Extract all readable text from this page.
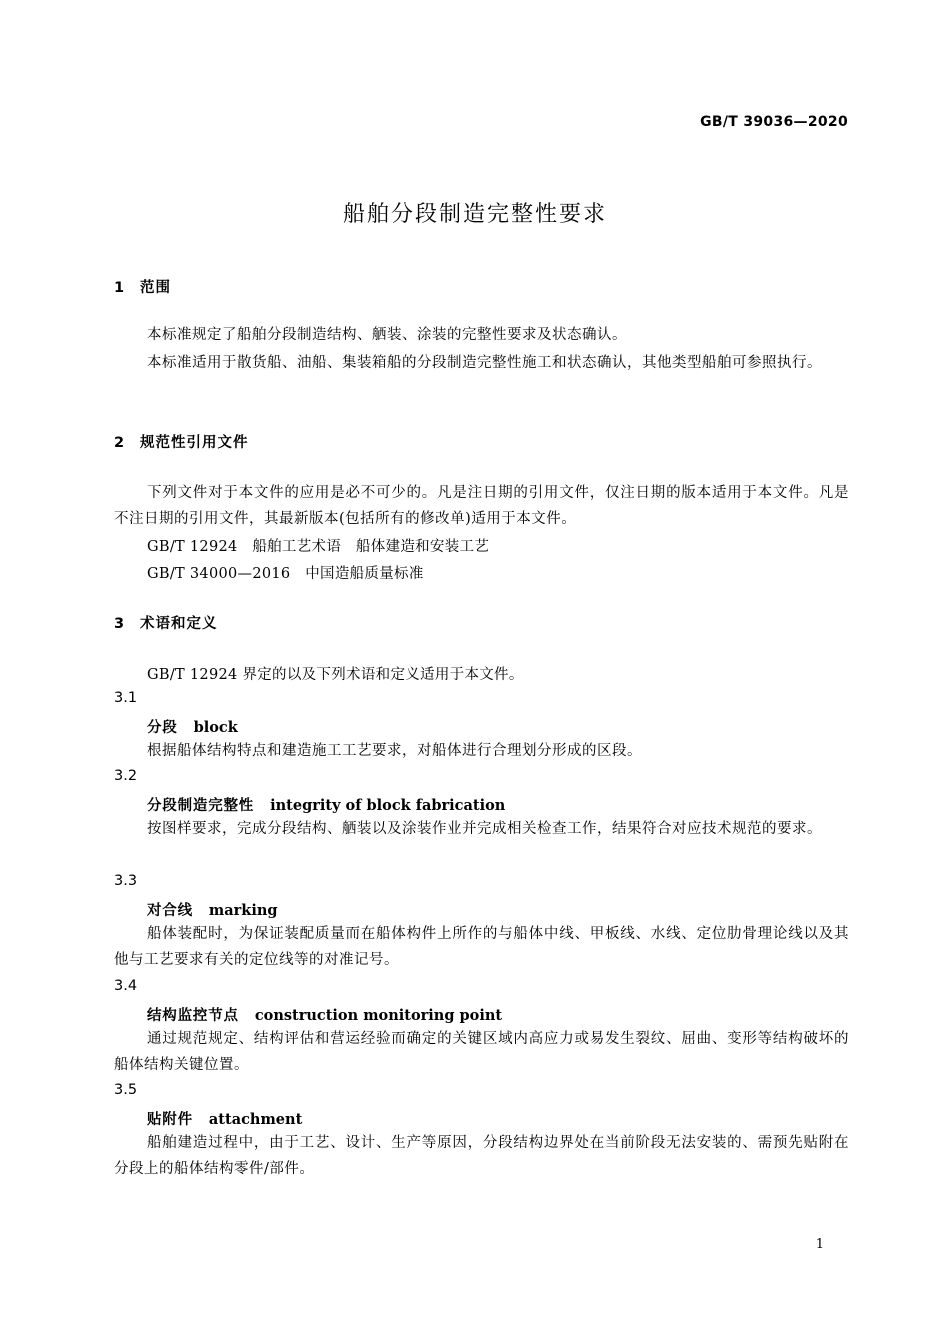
GB/T 39036—2020
船舶分段制造完整性要求
1 范围
本标准规定了船舶分段制造结构、舾装、涂装的完整性要求及状态确认。
本标准适用于散货船、油船、集装箱船的分段制造完整性施工和状态确认，其他类型船舶可参照执行。
2 规范性引用文件
下列文件对于本文件的应用是必不可少的。凡是注日期的引用文件，仅注日期的版本适用于本文件。凡是不注日期的引用文件，其最新版本(包括所有的修改单)适用于本文件。
GB/T 12924　船舶工艺术语　船体建造和安装工艺
GB/T 34000—2016　中国造船质量标准
3 术语和定义
GB/T 12924 界定的以及下列术语和定义适用于本文件。
3.1
分段 block
根据船体结构特点和建造施工工艺要求，对船体进行合理划分形成的区段。
3.2
分段制造完整性 integrity of block fabrication
按图样要求，完成分段结构、舾装以及涂装作业并完成相关检查工作，结果符合对应技术规范的要求。
3.3
对合线 marking
船体装配时，为保证装配质量而在船体构件上所作的与船体中线、甲板线、水线、定位肋骨理论线以及其他与工艺要求有关的定位线等的对准记号。
3.4
结构监控节点 construction monitoring point
通过规范规定、结构评估和营运经验而确定的关键区域内高应力或易发生裂纹、屈曲、变形等结构破坏的船体结构关键位置。
3.5
贴附件 attachment
船舶建造过程中，由于工艺、设计、生产等原因，分段结构边界处在当前阶段无法安装的、需预先贴附在分段上的船体结构零件/部件。
1
